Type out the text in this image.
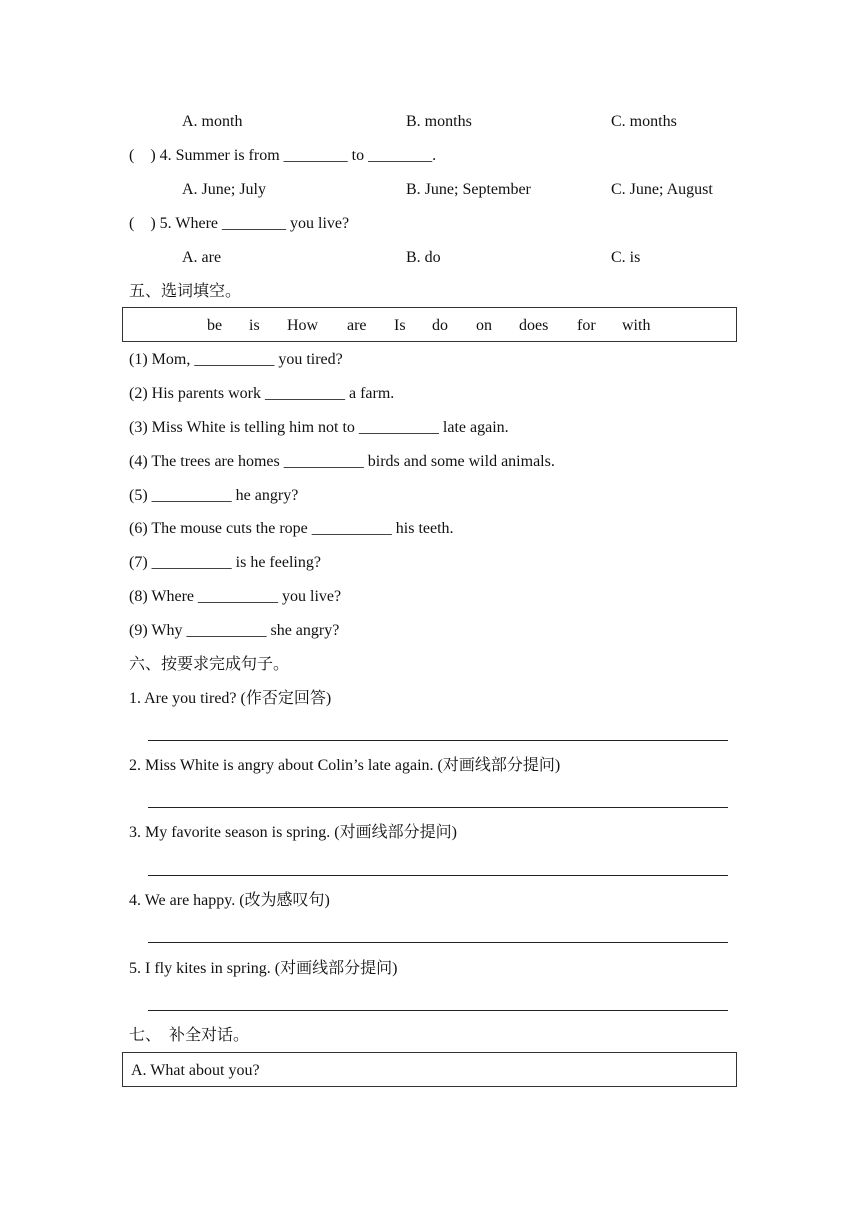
A. month	B. months	C. months
(    ) 4. Summer is from ________ to ________.
A. June; July	B. June; September	C. June; August
(    ) 5. Where ________ you live?
A. are	B. do	C. is
五、选词填空。
be is How are Is do on does for with
(1) Mom, __________ you tired?
(2) His parents work __________ a farm.
(3) Miss White is telling him not to __________ late again.
(4) The trees are homes __________ birds and some wild animals.
(5) __________ he angry?
(6) The mouse cuts the rope __________ his teeth.
(7) __________ is he feeling?
(8) Where __________ you live?
(9) Why __________ she angry?
六、按要求完成句子。
1. Are you tired? (作否定回答)
2. Miss White is angry about Colin’s late again. (对画线部分提问)
3. My favorite season is spring. (对画线部分提问)
4. We are happy. (改为感叹句)
5. I fly kites in spring. (对画线部分提问)
七、  补全对话。
A. What about you?
